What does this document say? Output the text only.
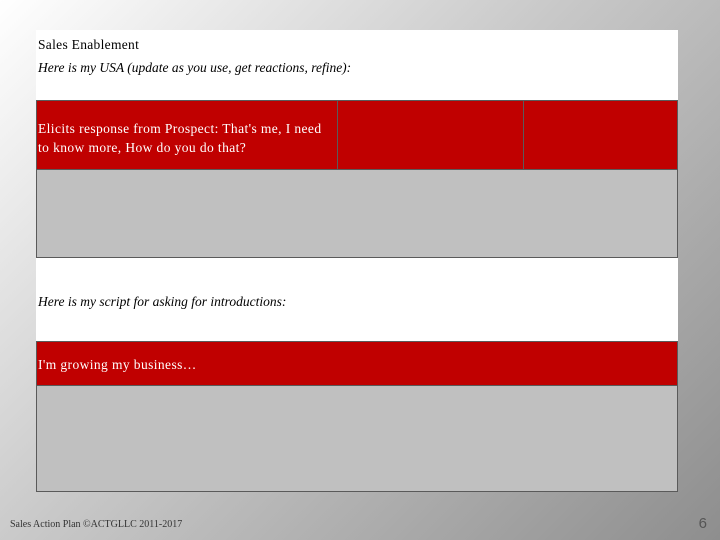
Sales Enablement
Here is my USA (update as you use, get reactions, refine):
Elicits response from Prospect: That's me, I need to know more, How do you do that?
Here is my script for asking for introductions:
I'm growing my business…
Sales Action Plan ©ACTGLLC 2011-2017	6
